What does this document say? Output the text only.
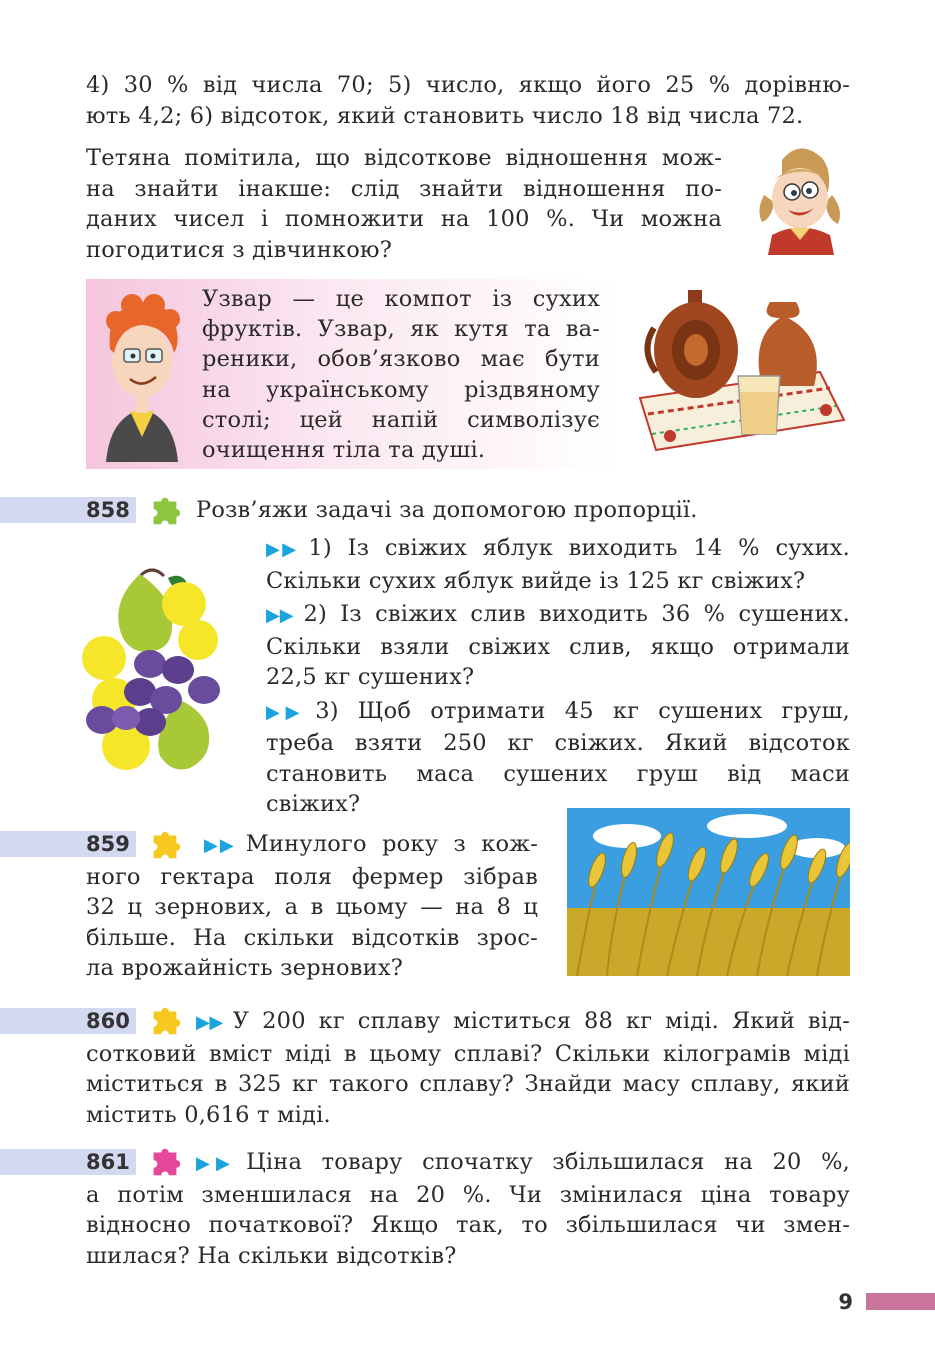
4) 30 % від числа 70; 5) число, якщо його 25 % дорівню-
ють 4,2; 6) відсоток, який становить число 18 від числа 72.
Тетяна помітила, що відсоткове відношення мож-
на знайти інакше: слід знайти відношення по-
даних чисел і помножити на 100 %. Чи можна
погодитися з дівчинкою?
Узвар — це компот із сухих
фруктів. Узвар, як кутя та ва-
реники, обов’язково має бути
на українському різдвяному
столі; цей напій символізує
очищення тіла та душі.
858	Розв’яжи задачі за допомогою пропорції.
▶▶ 1) Із свіжих яблук виходить 14 % сухих.
Скільки сухих яблук вийде із 125 кг свіжих?
▶▶ 2) Із свіжих слив виходить 36 % сушених.
Скільки взяли свіжих слив, якщо отримали
22,5 кг сушених?
▶▶ 3) Щоб отримати 45 кг сушених груш,
треба взяти 250 кг свіжих. Який відсоток
становить маса сушених груш від маси
свіжих?
859	▶▶ Минулого року з кож-
ного гектара поля фермер зібрав
32 ц зернових, а в цьому — на 8 ц
більше. На скільки відсотків зрос-
ла врожайність зернових?
860	▶▶ У 200 кг сплаву міститься 88 кг міді. Який від-
сотковий вміст міді в цьому сплаві? Скільки кілограмів міді
міститься в 325 кг такого сплаву? Знайди масу сплаву, який
містить 0,616 т міді.
861	▶▶ Ціна товару спочатку збільшилася на 20 %,
а потім зменшилася на 20 %. Чи змінилася ціна товару
відносно початкової? Якщо так, то збільшилася чи змен-
шилася? На скільки відсотків?
9
